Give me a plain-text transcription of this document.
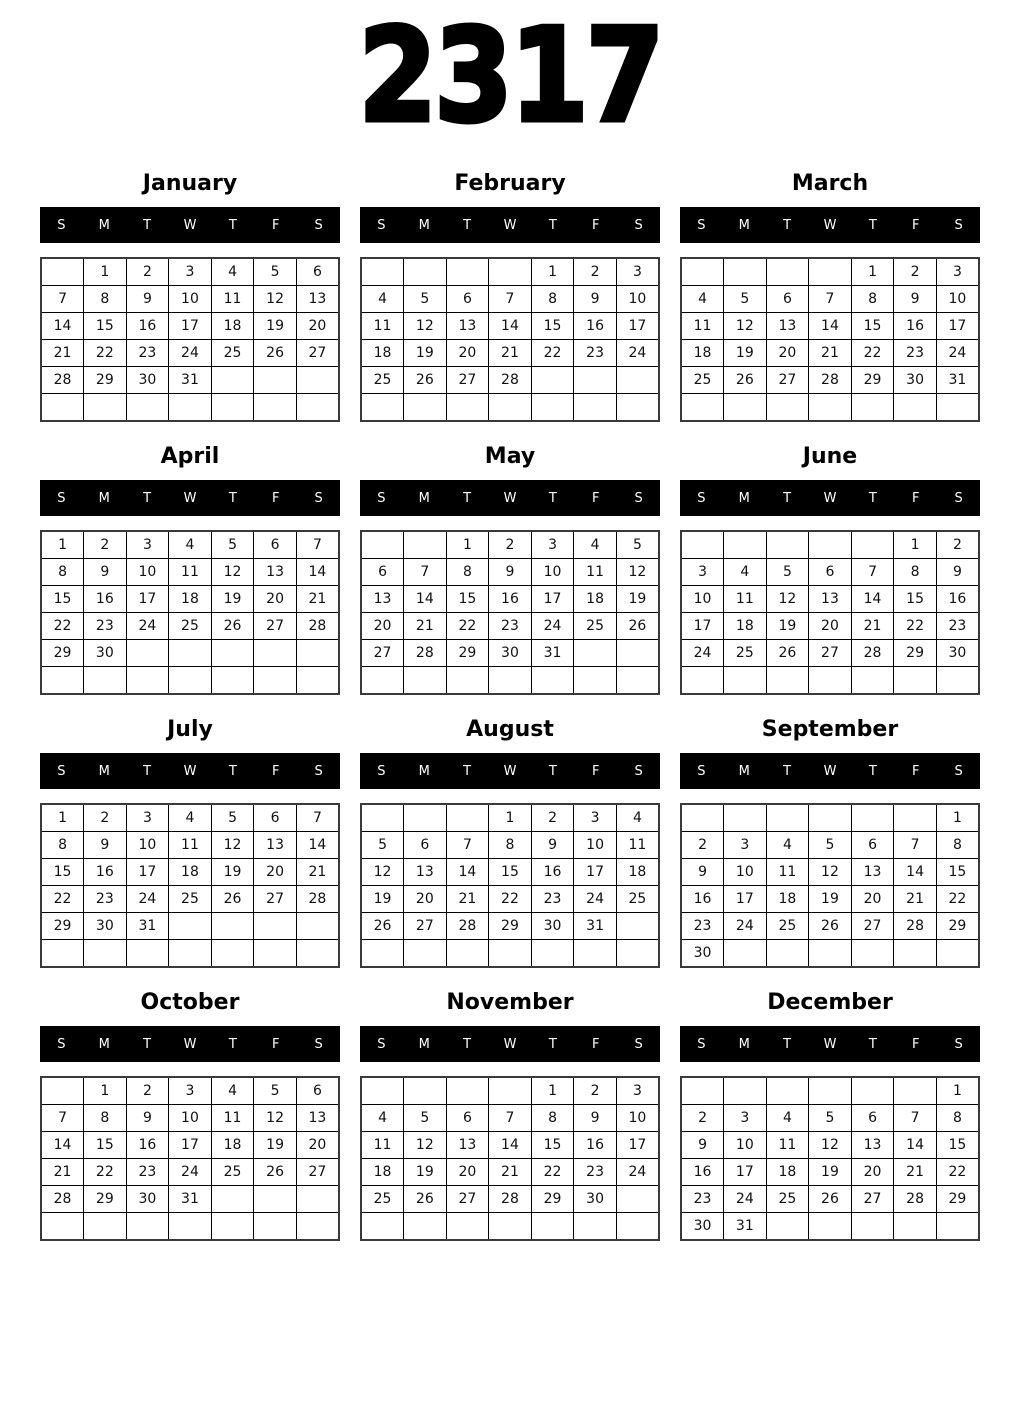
2317
January
S	M	T	W	T	F	S
	1	2	3	4	5	6
7	8	9	10	11	12	13
14	15	16	17	18	19	20
21	22	23	24	25	26	27
28	29	30	31			

February
S	M	T	W	T	F	S
				1	2	3
4	5	6	7	8	9	10
11	12	13	14	15	16	17
18	19	20	21	22	23	24
25	26	27	28			

March
S	M	T	W	T	F	S
				1	2	3
4	5	6	7	8	9	10
11	12	13	14	15	16	17
18	19	20	21	22	23	24
25	26	27	28	29	30	31

April
S	M	T	W	T	F	S
1	2	3	4	5	6	7
8	9	10	11	12	13	14
15	16	17	18	19	20	21
22	23	24	25	26	27	28
29	30					

May
S	M	T	W	T	F	S
		1	2	3	4	5
6	7	8	9	10	11	12
13	14	15	16	17	18	19
20	21	22	23	24	25	26
27	28	29	30	31		

June
S	M	T	W	T	F	S
					1	2
3	4	5	6	7	8	9
10	11	12	13	14	15	16
17	18	19	20	21	22	23
24	25	26	27	28	29	30

July
S	M	T	W	T	F	S
1	2	3	4	5	6	7
8	9	10	11	12	13	14
15	16	17	18	19	20	21
22	23	24	25	26	27	28
29	30	31				

August
S	M	T	W	T	F	S
			1	2	3	4
5	6	7	8	9	10	11
12	13	14	15	16	17	18
19	20	21	22	23	24	25
26	27	28	29	30	31	

September
S	M	T	W	T	F	S
						1
2	3	4	5	6	7	8
9	10	11	12	13	14	15
16	17	18	19	20	21	22
23	24	25	26	27	28	29
30						
October
S	M	T	W	T	F	S
	1	2	3	4	5	6
7	8	9	10	11	12	13
14	15	16	17	18	19	20
21	22	23	24	25	26	27
28	29	30	31			

November
S	M	T	W	T	F	S
				1	2	3
4	5	6	7	8	9	10
11	12	13	14	15	16	17
18	19	20	21	22	23	24
25	26	27	28	29	30	

December
S	M	T	W	T	F	S
						1
2	3	4	5	6	7	8
9	10	11	12	13	14	15
16	17	18	19	20	21	22
23	24	25	26	27	28	29
30	31					
